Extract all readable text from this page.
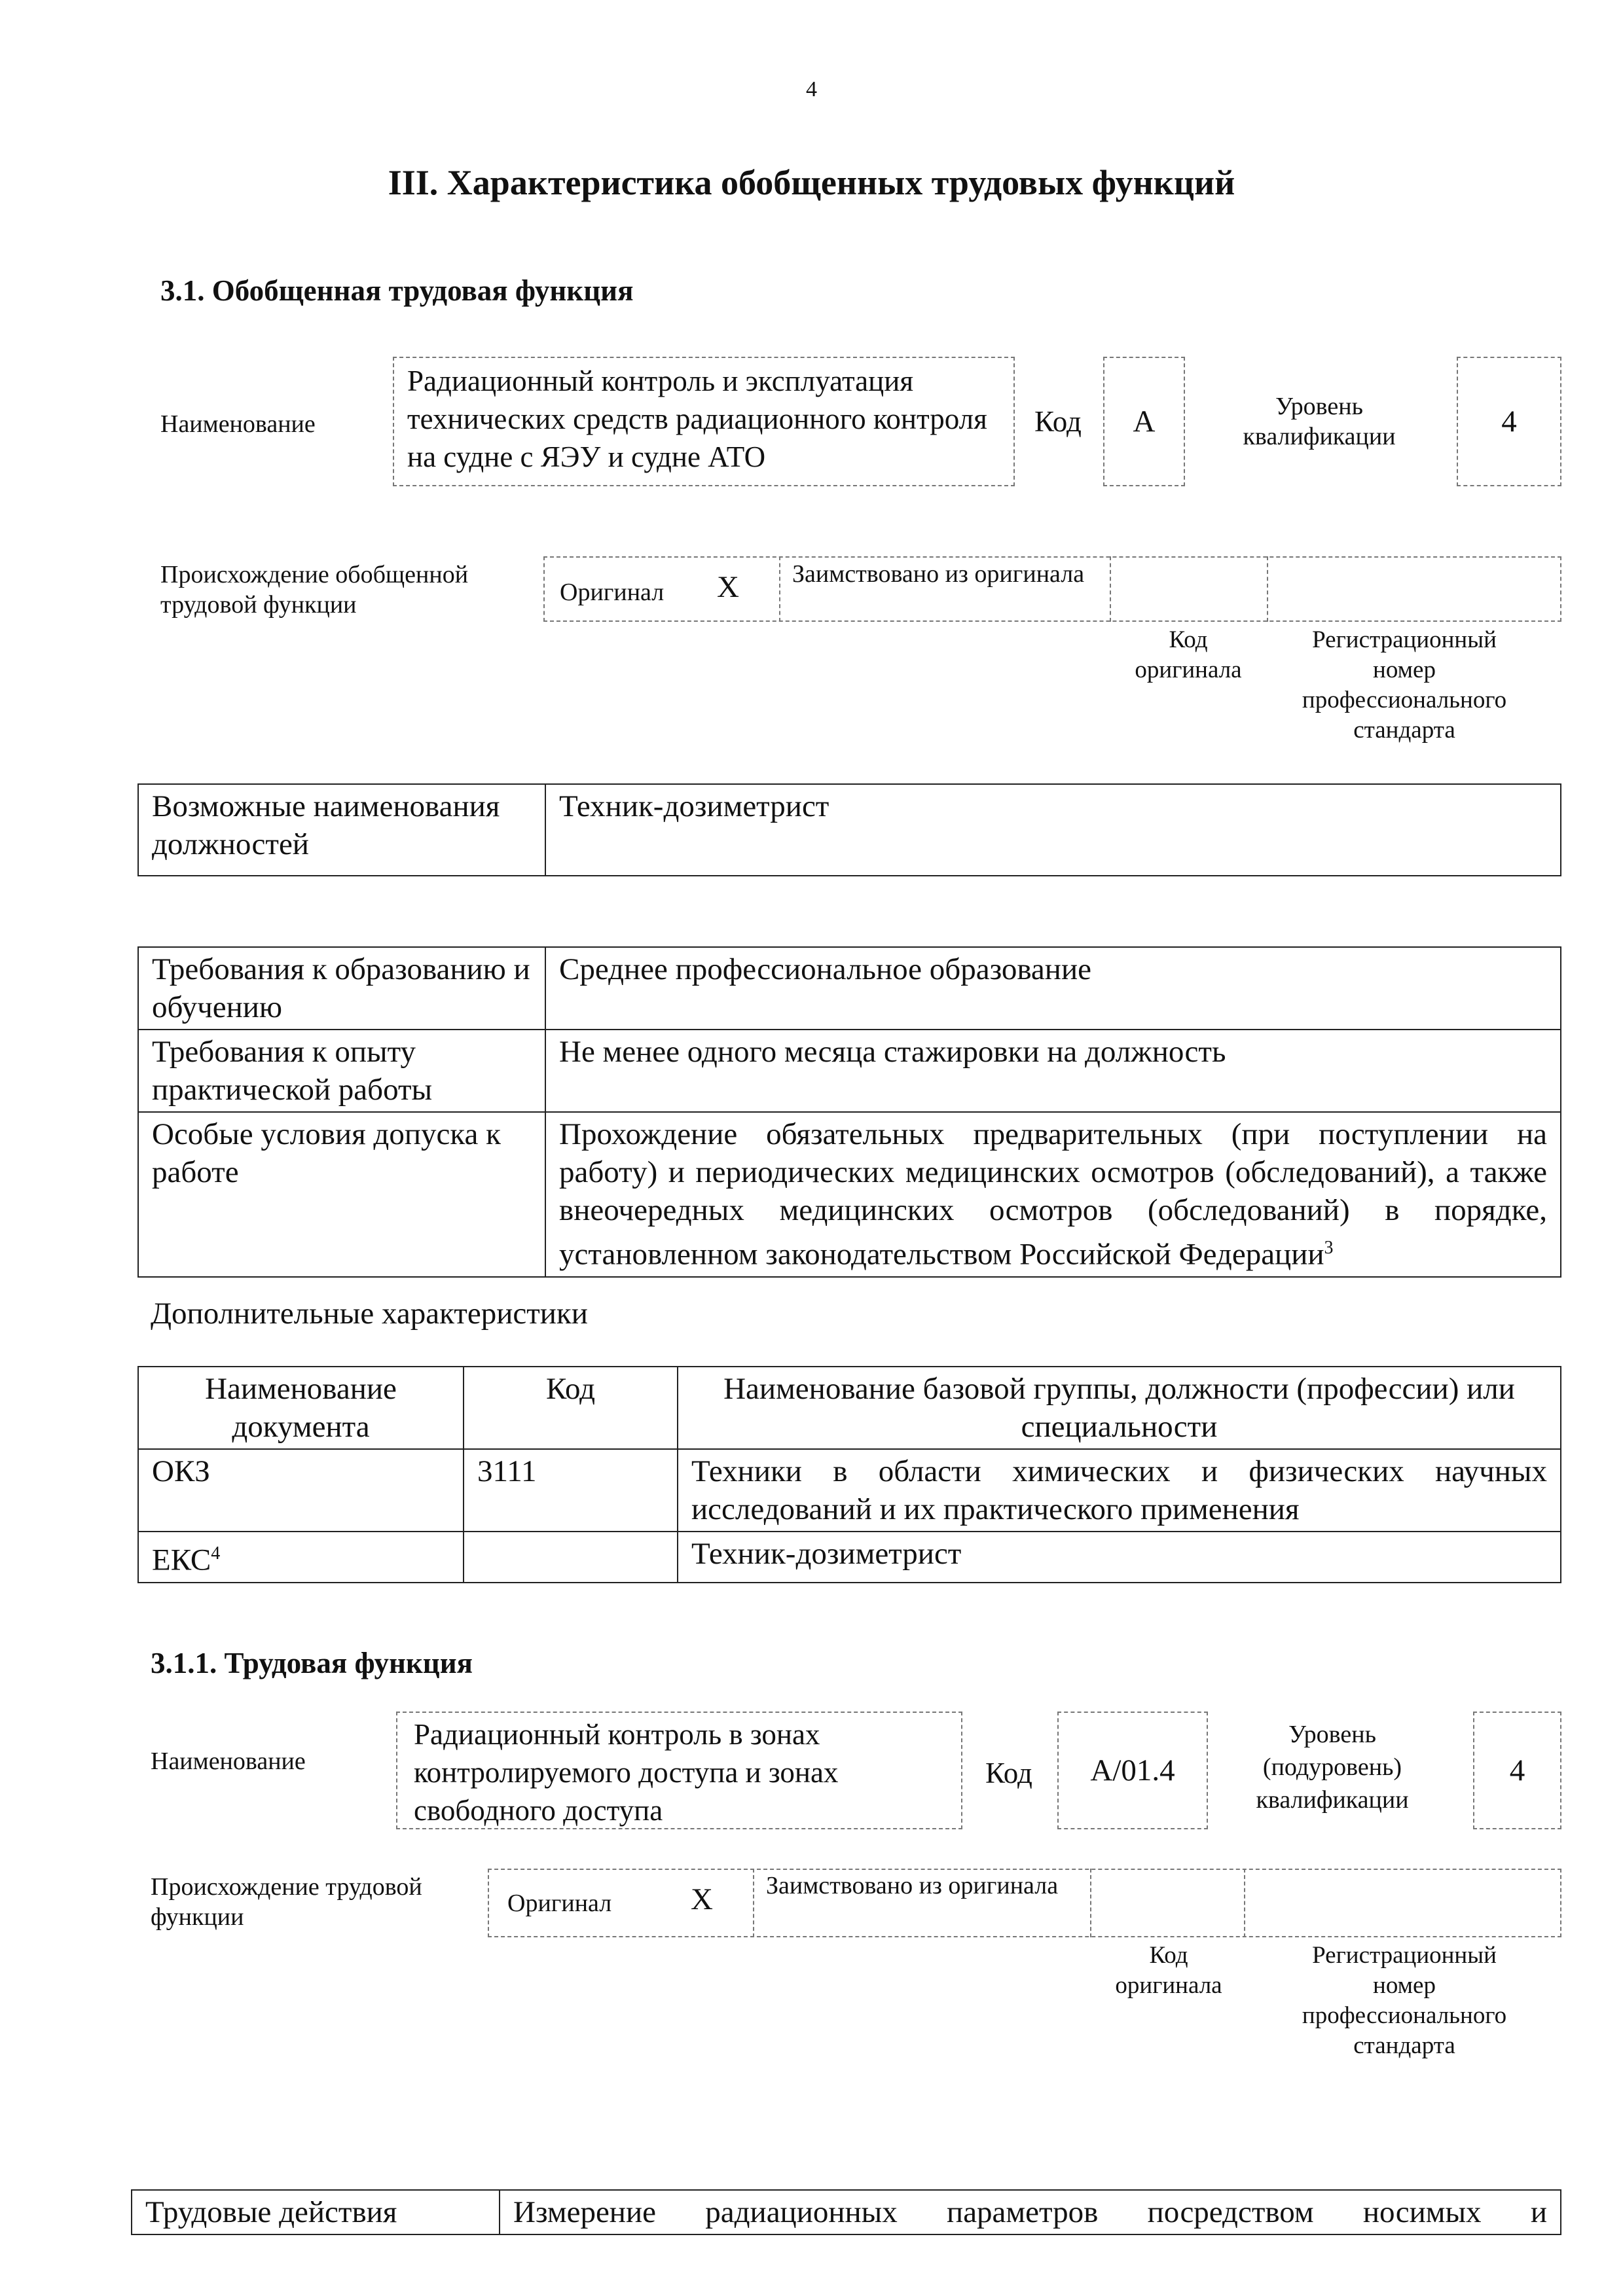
4
III. Характеристика обобщенных трудовых функций
3.1. Обобщенная трудовая функция
Наименование
Радиационный контроль и эксплуатация технических средств радиационного контроля на судне с ЯЭУ и судне АТО
Код А	Уровень квалификации	4
Происхождение обобщенной трудовой функции	Оригинал Х Заимствовано из оригинала
Код оригинала
Регистрационный номер профессионального стандарта
Возможные наименования должностей	Техник-дозиметрист
Требования к образованию и обучению	Среднее профессиональное образование
Требования к опыту практической работы	Не менее одного месяца стажировки на должность
Особые условия допуска к работе	Прохождение обязательных предварительных (при поступлении на работу) и периодических медицинских осмотров (обследований), а также внеочередных медицинских осмотров (обследований) в порядке, установленном законодательством Российской Федерации$^3$
Дополнительные характеристики
Наименование документа	Код	Наименование базовой группы, должности (профессии) или специальности
ОКЗ	3111	Техники в области химических и физических научных исследований и их практического применения
ЕКС$^4$		Техник-дозиметрист
3.1.1. Трудовая функция
Наименование
Радиационный контроль в зонах контролируемого доступа и зонах свободного доступа
Код А/01.4
Уровень (подуровень) квалификации
4
Происхождение трудовой функции	Оригинал	Х Заимствовано из оригинала
Код оригинала
Регистрационный номер профессионального стандарта
Трудовые действия	Измерение радиационных параметров посредством носимых и
